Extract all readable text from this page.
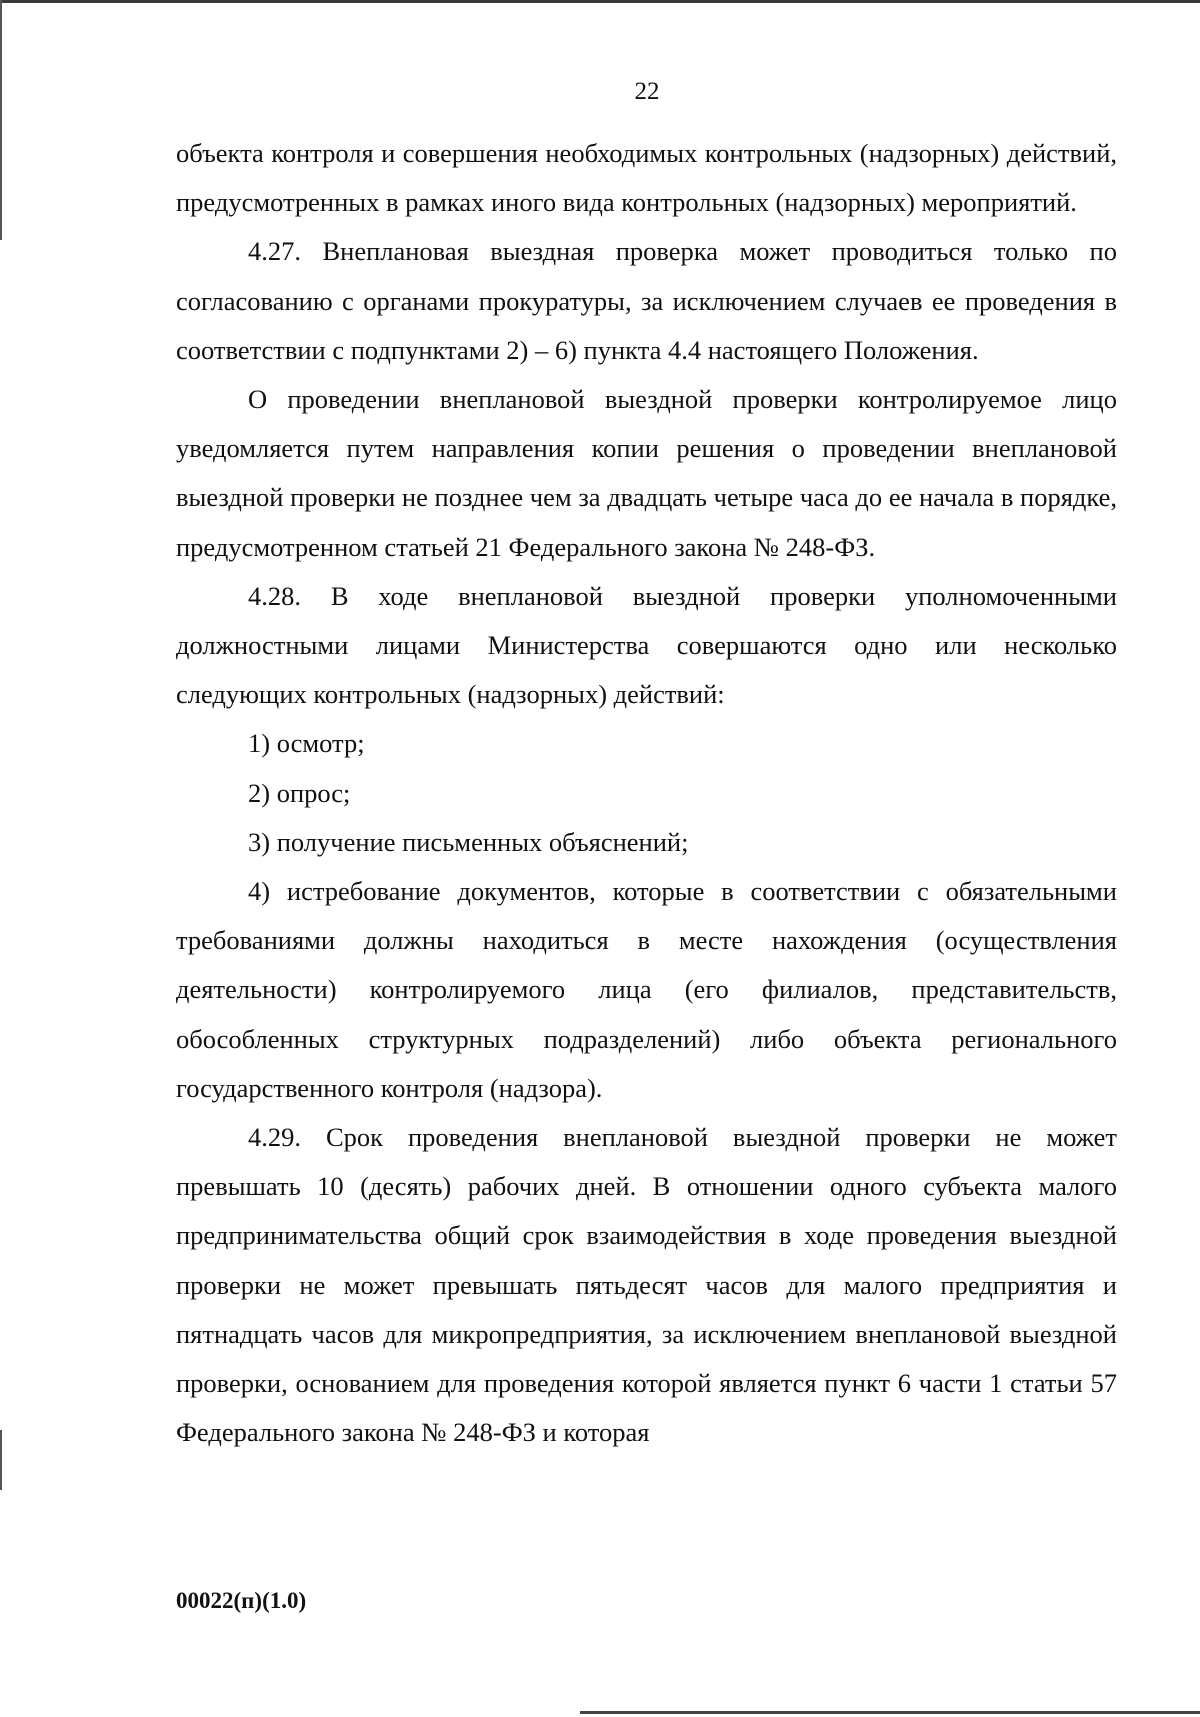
22

объекта контроля и совершения необходимых контрольных (надзорных) действий, предусмотренных в рамках иного вида контрольных (надзорных) мероприятий.

4.27. Внеплановая выездная проверка может проводиться только по согласованию с органами прокуратуры, за исключением случаев ее проведения в соответствии с подпунктами 2) – 6) пункта 4.4 настоящего Положения.

О проведении внеплановой выездной проверки контролируемое лицо уведомляется путем направления копии решения о проведении внеплановой выездной проверки не позднее чем за двадцать четыре часа до ее начала в порядке, предусмотренном статьей 21 Федерального закона № 248-ФЗ.

4.28. В ходе внеплановой выездной проверки уполномоченными должностными лицами Министерства совершаются одно или несколько следующих контрольных (надзорных) действий:

1) осмотр;

2) опрос;

3) получение письменных объяснений;

4) истребование документов, которые в соответствии с обязательными требованиями должны находиться в месте нахождения (осуществления деятельности) контролируемого лица (его филиалов, представительств, обособленных структурных подразделений) либо объекта регионального государственного контроля (надзора).

4.29. Срок проведения внеплановой выездной проверки не может превышать 10 (десять) рабочих дней. В отношении одного субъекта малого предпринимательства общий срок взаимодействия в ходе проведения выездной проверки не может превышать пятьдесят часов для малого предприятия и пятнадцать часов для микропредприятия, за исключением внеплановой выездной проверки, основанием для проведения которой является пункт 6 части 1 статьи 57 Федерального закона № 248-ФЗ и которая

00022(п)(1.0)
